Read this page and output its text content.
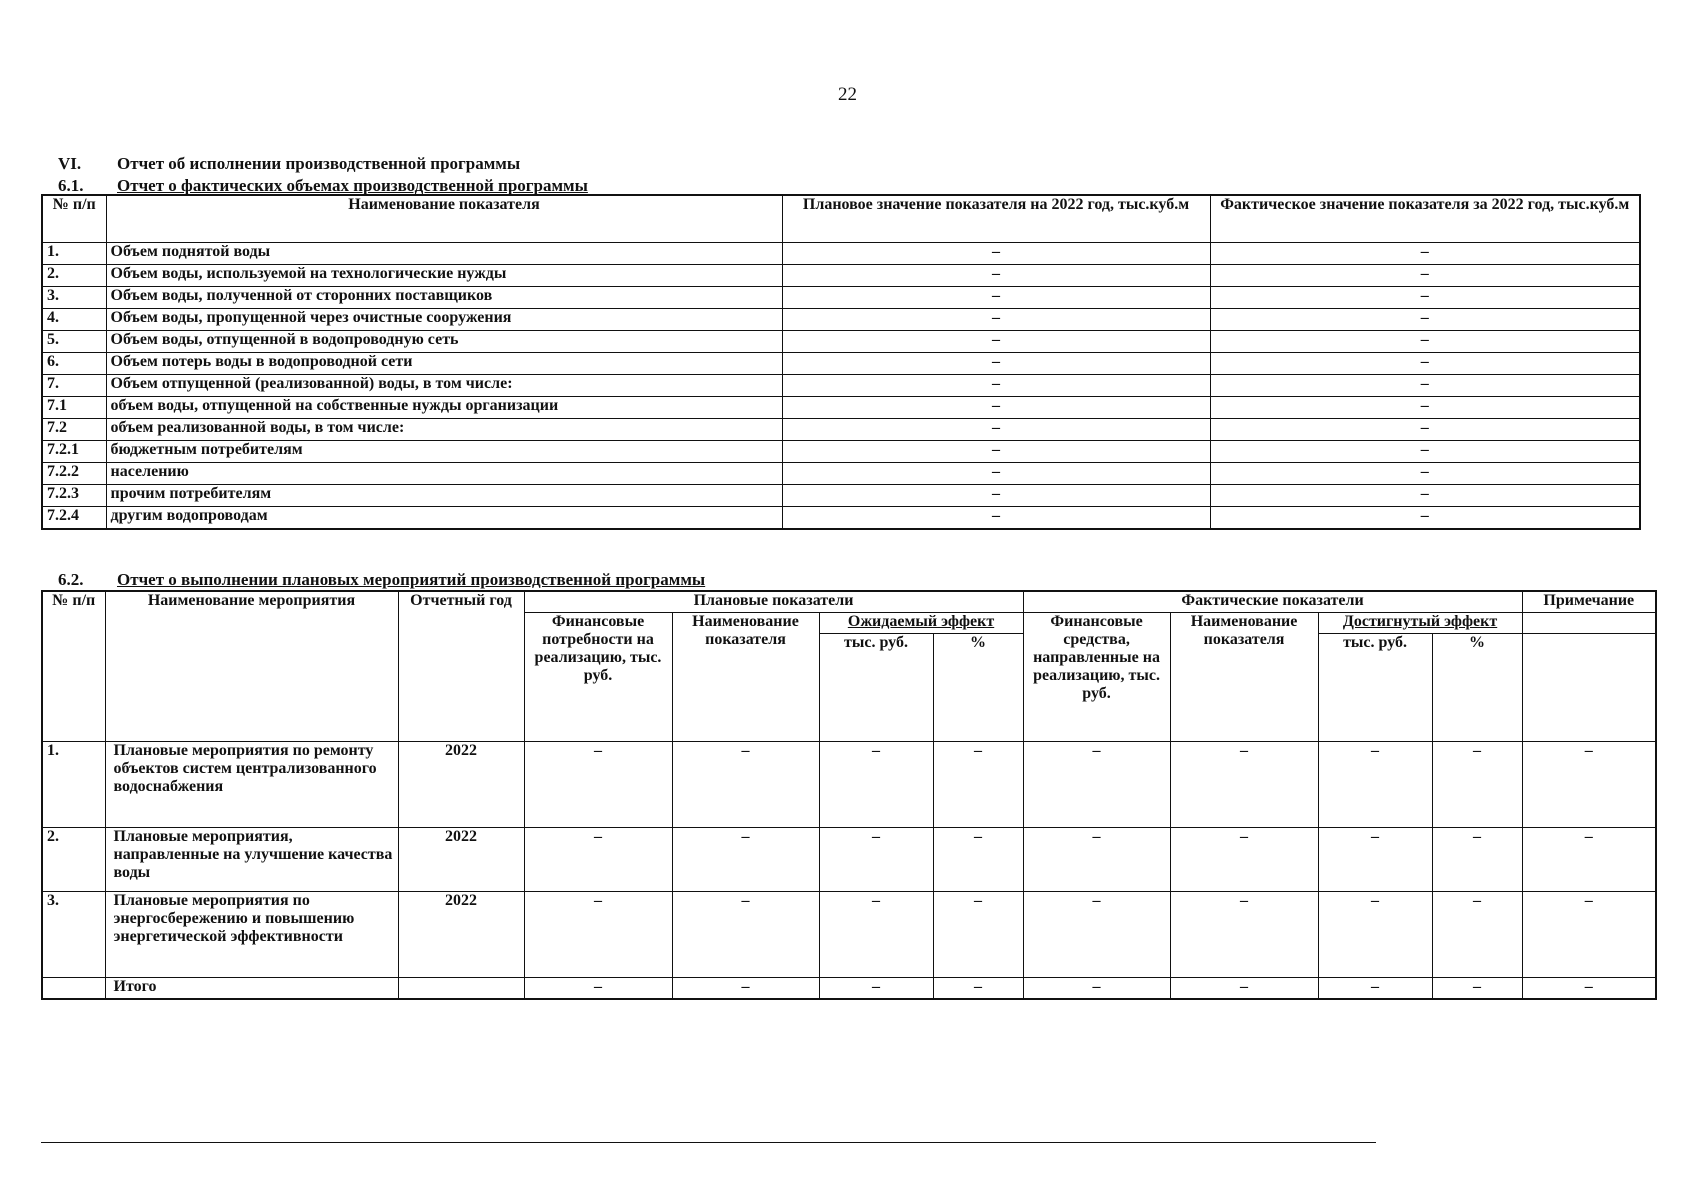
22
VI. Отчет об исполнении производственной программы
6.1. Отчет о фактических объемах производственной программы
№ п/п	Наименование показателя	Плановое значение показателя на 2022 год, тыс.куб.м	Фактическое значение показателя за 2022 год, тыс.куб.м
1.	Объем поднятой воды	–	–
2.	Объем воды, используемой на технологические нужды	–	–
3.	Объем воды, полученной от сторонних поставщиков	–	–
4.	Объем воды, пропущенной через очистные сооружения	–	–
5.	Объем воды, отпущенной в водопроводную сеть	–	–
6.	Объем потерь воды в водопроводной сети	–	–
7.	Объем отпущенной (реализованной) воды, в том числе:	–	–
7.1	объем воды, отпущенной на собственные нужды организации	–	–
7.2	объем реализованной воды, в том числе:	–	–
7.2.1	бюджетным потребителям	–	–
7.2.2	населению	–	–
7.2.3	прочим потребителям	–	–
7.2.4	другим водопроводам	–	–
6.2. Отчет о выполнении плановых мероприятий производственной программы
№ п/п	Наименование мероприятия	Отчетный год	Плановые показатели				Фактические показатели				Примечание
			Финансовые потребности на реализацию, тыс. руб.	Наименование показателя	Ожидаемый эффект		Финансовые средства, направленные на реализацию, тыс. руб.	Наименование показателя	Достигнутый эффект		
					тыс. руб.	%			тыс. руб.	%	
1.	Плановые мероприятия по ремонту объектов систем централизованного водоснабжения	2022	–	–	–	–	–	–	–	–	–
2.	Плановые мероприятия, направленные на улучшение качества воды	2022	–	–	–	–	–	–	–	–	–
3.	Плановые мероприятия по энергосбережению и повышению энергетической эффективности	2022	–	–	–	–	–	–	–	–	–
	Итого		–	–	–	–	–	–	–	–	–
